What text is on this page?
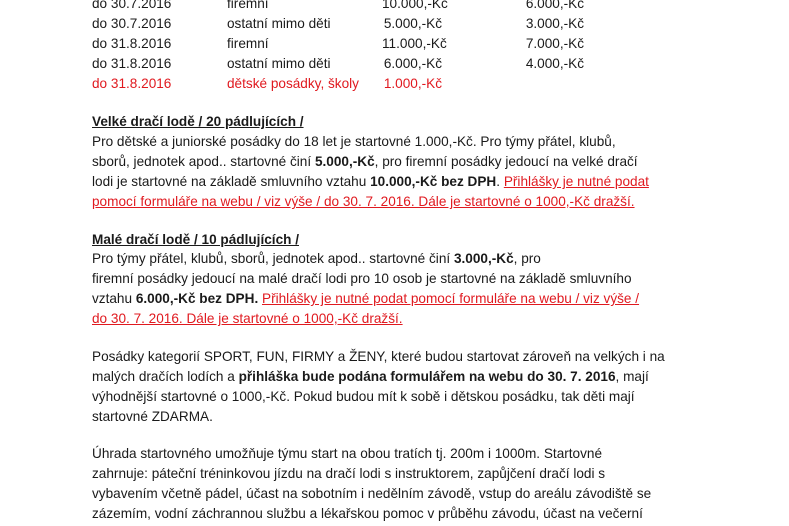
do 30.7.2016	firemní	10.000,-Kč	6.000,-Kč
do 30.7.2016	ostatní mimo děti	5.000,-Kč	3.000,-Kč
do 31.8.2016	firemní	11.000,-Kč	7.000,-Kč
do 31.8.2016	ostatní mimo děti	6.000,-Kč	4.000,-Kč
do 31.8.2016	dětské posádky, školy 1.000,-Kč
Velké dračí lodě / 20 pádlujících /
Pro dětské a juniorské posádky do 18 let je startovné 1.000,-Kč. Pro týmy přátel, klubů,
sborů, jednotek apod.. startovné činí 5.000,-Kč, pro firemní posádky jedoucí na velké dračí
lodi je startovné na základě smluvního vztahu 10.000,-Kč bez DPH. Přihlášky je nutné podat
pomocí formuláře na webu / viz výše / do 30. 7. 2016. Dále je startovné o 1000,-Kč dražší.
Malé dračí lodě / 10 pádlujících /
Pro týmy přátel, klubů, sborů, jednotek apod.. startovné činí 3.000,-Kč, pro
firemní posádky jedoucí na malé dračí lodi pro 10 osob je startovné na základě smluvního
vztahu 6.000,-Kč bez DPH. Přihlášky je nutné podat pomocí formuláře na webu / viz výše /
do 30. 7. 2016. Dále je startovné o 1000,-Kč dražší.
Posádky kategorií SPORT, FUN, FIRMY a ŽENY, které budou startovat zároveň na velkých i na
malých dračích lodích a přihláška bude podána formulářem na webu do 30. 7. 2016, mají
výhodnější startovné o 1000,-Kč. Pokud budou mít k sobě i dětskou posádku, tak děti mají
startovné ZDARMA.
Úhrada startovného umožňuje týmu start na obou tratích tj. 200m i 1000m. Startovné
zahrnuje: páteční tréninkovou jízdu na dračí lodi s instruktorem, zapůjčení dračí lodi s
vybavením včetně pádel, účast na sobotním i nedělním závodě, vstup do areálu závodiště se
zázemím, vodní záchrannou službu a lékařskou pomoc v průběhu závodu, účast na večerní
